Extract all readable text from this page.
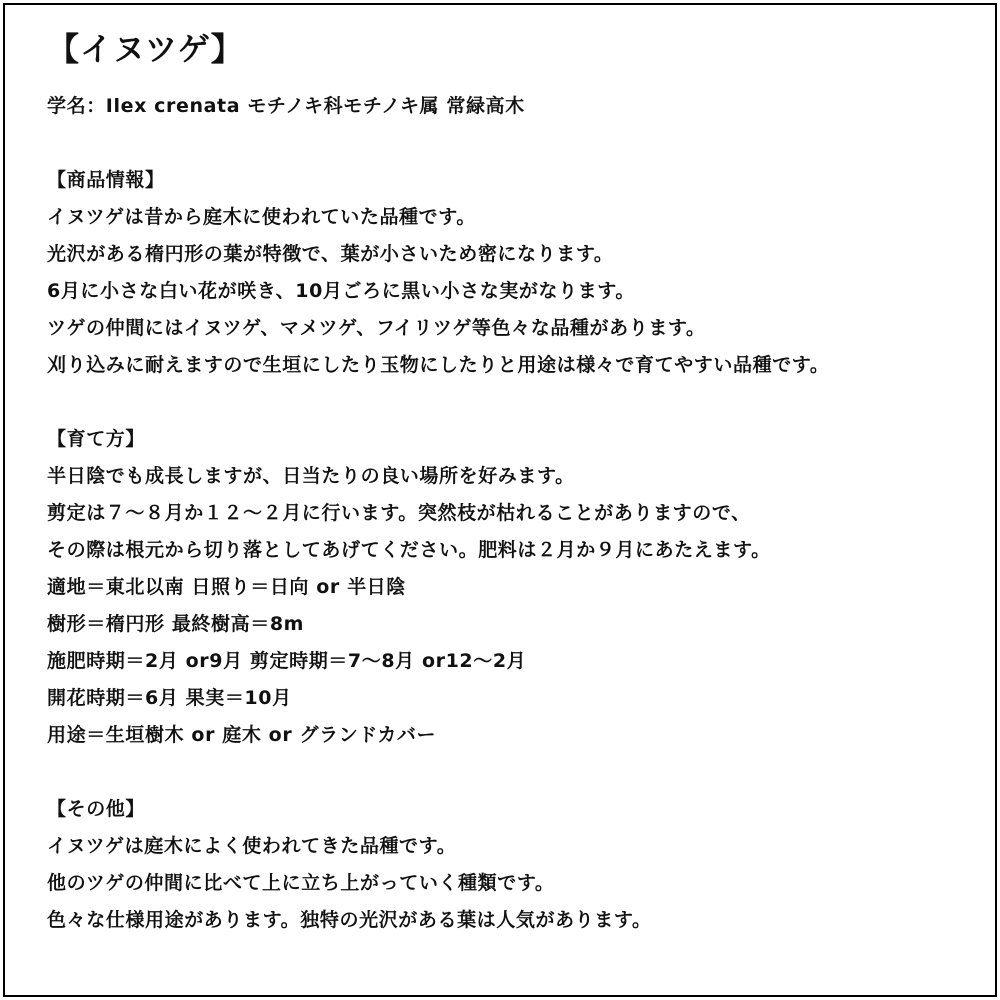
【イヌツゲ】
学名：Ilex crenata モチノキ科モチノキ属 常緑高木
【商品情報】
イヌツゲは昔から庭木に使われていた品種です。
光沢がある楕円形の葉が特徴で、葉が小さいため密になります。
6月に小さな白い花が咲き、10月ごろに黒い小さな実がなります。
ツゲの仲間にはイヌツゲ、マメツゲ、フイリツゲ等色々な品種があります。
刈り込みに耐えますので生垣にしたり玉物にしたりと用途は様々で育てやすい品種です。
【育て方】
半日陰でも成長しますが、日当たりの良い場所を好みます。
剪定は７～８月か１２～２月に行います。突然枝が枯れることがありますので、
その際は根元から切り落としてあげてください。肥料は２月か９月にあたえます。
適地＝東北以南 日照り＝日向 or 半日陰
樹形＝楕円形 最終樹高＝8m
施肥時期＝2月 or9月 剪定時期＝7～8月 or12～2月
開花時期＝6月 果実＝10月
用途＝生垣樹木 or 庭木 or グランドカバー
【その他】
イヌツゲは庭木によく使われてきた品種です。
他のツゲの仲間に比べて上に立ち上がっていく種類です。
色々な仕様用途があります。独特の光沢がある葉は人気があります。
